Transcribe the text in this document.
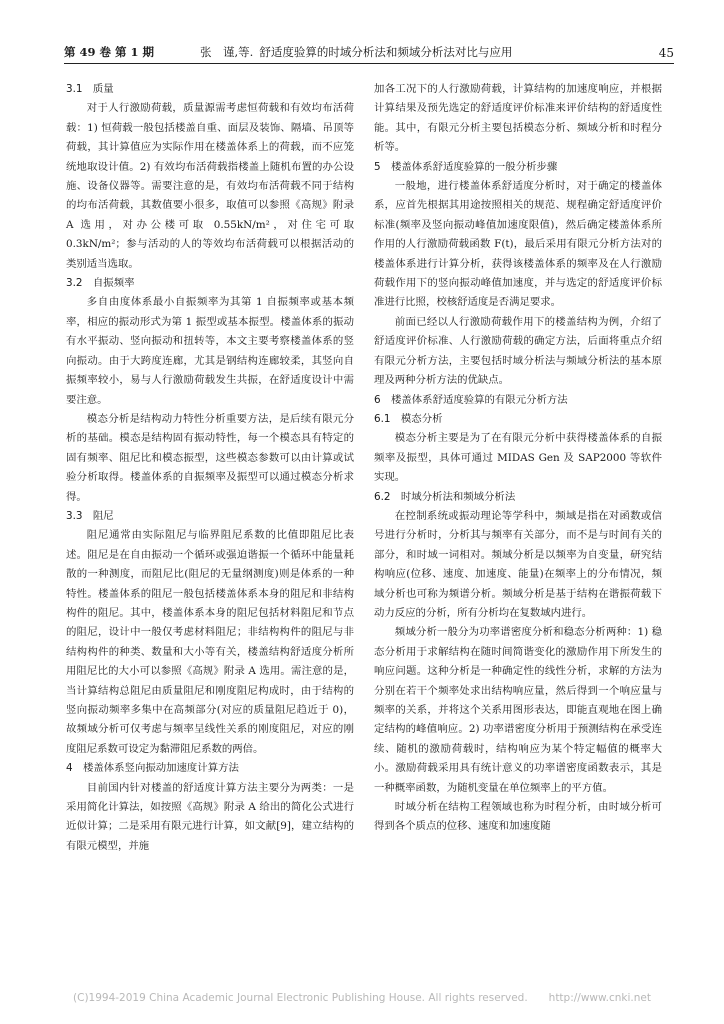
第 49 卷 第 1 期	张　谨,等. 舒适度验算的时域分析法和频域分析法对比与应用	45
3.1　质量

对于人行激励荷载，质量源需考虑恒荷载和有效均布活荷载：1) 恒荷载一般包括楼盖自重、面层及装饰、隔墙、吊顶等荷载，其计算值应为实际作用在楼盖体系上的荷载，而不应笼统地取设计值。2) 有效均布活荷载指楼盖上随机布置的办公设施、设备仪器等。需要注意的是，有效均布活荷载不同于结构的均布活荷载，其数值要小很多，取值可以参照《高规》附录 A 选用，对办公楼可取 0.55kN/m²，对住宅可取 0.3kN/m²；参与活动的人的等效均布活荷载可以根据活动的类别适当选取。

3.2　自振频率

多自由度体系最小自振频率为其第 1 自振频率或基本频率，相应的振动形式为第 1 振型或基本振型。楼盖体系的振动有水平振动、竖向振动和扭转等，本文主要考察楼盖体系的竖向振动。由于大跨度连廊，尤其是钢结构连廊较柔，其竖向自振频率较小，易与人行激励荷载发生共振，在舒适度设计中需要注意。

模态分析是结构动力特性分析重要方法，是后续有限元分析的基础。模态是结构固有振动特性，每一个模态具有特定的固有频率、阻尼比和模态振型，这些模态参数可以由计算或试验分析取得。楼盖体系的自振频率及振型可以通过模态分析求得。

3.3　阻尼

阻尼通常由实际阻尼与临界阻尼系数的比值即阻尼比表述。阻尼是在自由振动一个循环或强迫谐振一个循环中能量耗散的一种测度，而阻尼比(阻尼的无量纲测度)则是体系的一种特性。楼盖体系的阻尼一般包括楼盖体系本身的阻尼和非结构构件的阻尼。其中，楼盖体系本身的阻尼包括材料阻尼和节点的阻尼，设计中一般仅考虑材料阻尼；非结构构件的阻尼与非结构构件的种类、数量和大小等有关，楼盖结构舒适度分析所用阻尼比的大小可以参照《高规》附录 A 选用。需注意的是，当计算结构总阻尼由质量阻尼和刚度阻尼构成时，由于结构的竖向振动频率多集中在高频部分(对应的质量阻尼趋近于 0)，故频域分析可仅考虑与频率呈线性关系的刚度阻尼，对应的刚度阻尼系数可设定为黏滞阻尼系数的两倍。

4　楼盖体系竖向振动加速度计算方法

目前国内针对楼盖的舒适度计算方法主要分为两类：一是采用简化计算法，如按照《高规》附录 A 给出的简化公式进行近似计算；二是采用有限元进行计算，如文献[9]，建立结构的有限元模型，并施

加各工况下的人行激励荷载，计算结构的加速度响应，并根据计算结果及预先选定的舒适度评价标准来评价结构的舒适度性能。其中，有限元分析主要包括模态分析、频域分析和时程分析等。

5　楼盖体系舒适度验算的一般分析步骤

一般地，进行楼盖体系舒适度分析时，对于确定的楼盖体系，应首先根据其用途按照相关的规范、规程确定舒适度评价标准(频率及竖向振动峰值加速度限值)，然后确定楼盖体系所作用的人行激励荷载函数 F(t)，最后采用有限元分析方法对的楼盖体系进行计算分析，获得该楼盖体系的频率及在人行激励荷载作用下的竖向振动峰值加速度，并与选定的舒适度评价标准进行比照，校核舒适度是否满足要求。

前面已经以人行激励荷载作用下的楼盖结构为例，介绍了舒适度评价标准、人行激励荷载的确定方法，后面将重点介绍有限元分析方法，主要包括时域分析法与频域分析法的基本原理及两种分析方法的优缺点。

6　楼盖体系舒适度验算的有限元分析方法
6.1　模态分析

模态分析主要是为了在有限元分析中获得楼盖体系的自振频率及振型，具体可通过 MIDAS Gen 及 SAP2000 等软件实现。

6.2　时域分析法和频域分析法

在控制系统或振动理论等学科中，频域是指在对函数或信号进行分析时，分析其与频率有关部分，而不是与时间有关的部分，和时域一词相对。频域分析是以频率为自变量，研究结构响应(位移、速度、加速度、能量)在频率上的分布情况，频域分析也可称为频谱分析。频域分析是基于结构在谐振荷载下动力反应的分析，所有分析均在复数域内进行。

频域分析一般分为功率谱密度分析和稳态分析两种：1) 稳态分析用于求解结构在随时间简谐变化的激励作用下所发生的响应问题。这种分析是一种确定性的线性分析，求解的方法为分别在若干个频率处求出结构响应量，然后得到一个响应量与频率的关系，并将这个关系用图形表达，即能直观地在图上确定结构的峰值响应。2) 功率谱密度分析用于预测结构在承受连续、随机的激励荷载时，结构响应为某个特定幅值的概率大小。激励荷载采用具有统计意义的功率谱密度函数表示，其是一种概率函数，为随机变量在单位频率上的平方值。

时域分析在结构工程领域也称为时程分析，由时域分析可得到各个质点的位移、速度和加速度随

(C)1994-2019 China Academic Journal Electronic Publishing House. All rights reserved.　　http://www.cnki.net
